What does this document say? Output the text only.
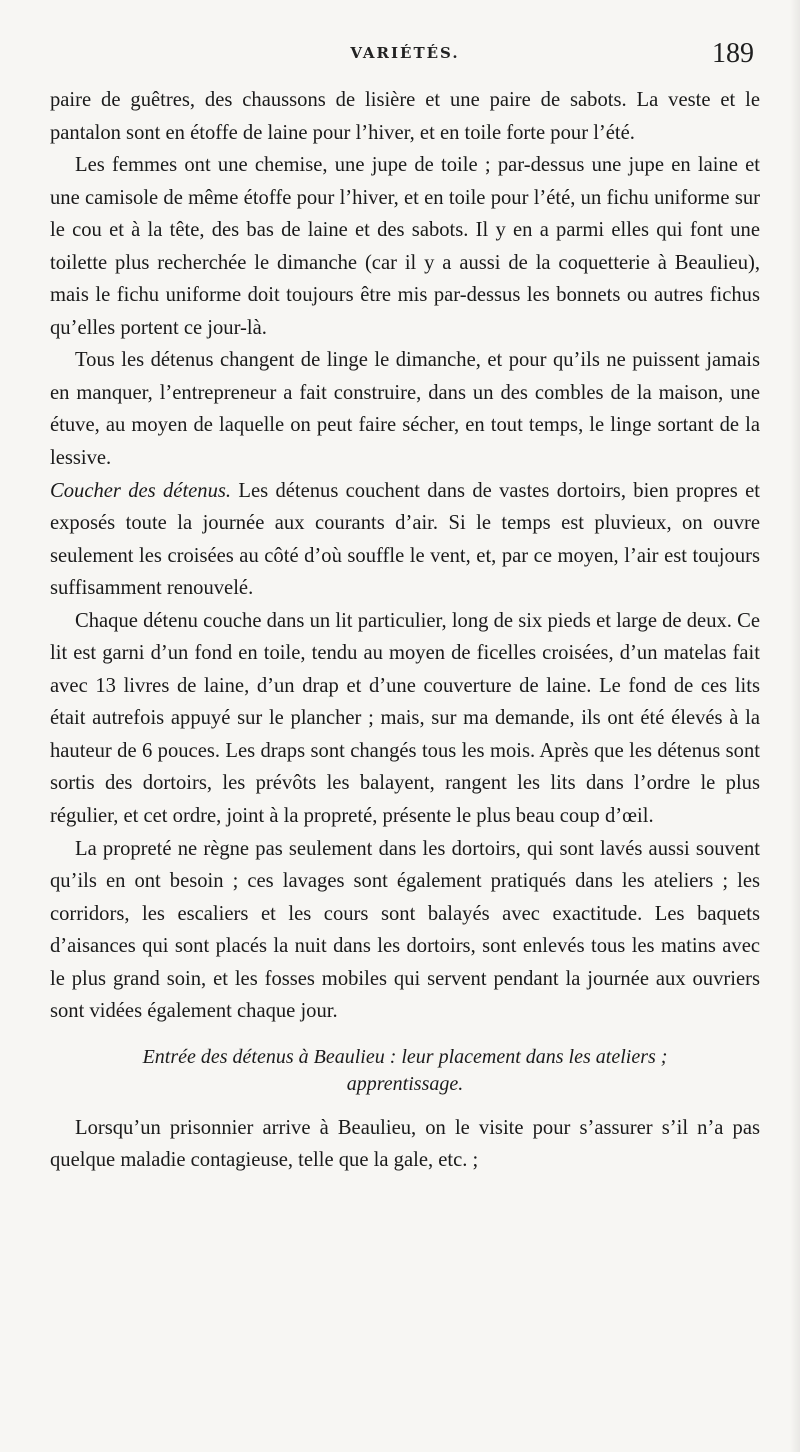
VARIÉTÉS.	189

paire de guêtres, des chaussons de lisière et une paire de sabots. La veste et le pantalon sont en étoffe de laine pour l’hiver, et en toile forte pour l’été.

Les femmes ont une chemise, une jupe de toile ; par-dessus une jupe en laine et une camisole de même étoffe pour l’hiver, et en toile pour l’été, un fichu uniforme sur le cou et à la tête, des bas de laine et des sabots. Il y en a parmi elles qui font une toilette plus recherchée le dimanche (car il y a aussi de la coquetterie à Beaulieu), mais le fichu uniforme doit toujours être mis par-dessus les bonnets ou autres fichus qu’elles portent ce jour-là.

Tous les détenus changent de linge le dimanche, et pour qu’ils ne puissent jamais en manquer, l’entrepreneur a fait construire, dans un des combles de la maison, une étuve, au moyen de laquelle on peut faire sécher, en tout temps, le linge sortant de la lessive.

Coucher des détenus. Les détenus couchent dans de vastes dortoirs, bien propres et exposés toute la journée aux courants d’air. Si le temps est pluvieux, on ouvre seulement les croisées au côté d’où souffle le vent, et, par ce moyen, l’air est toujours suffisamment renouvelé.

Chaque détenu couche dans un lit particulier, long de six pieds et large de deux. Ce lit est garni d’un fond en toile, tendu au moyen de ficelles croisées, d’un matelas fait avec 13 livres de laine, d’un drap et d’une couverture de laine. Le fond de ces lits était autrefois appuyé sur le plancher ; mais, sur ma demande, ils ont été élevés à la hauteur de 6 pouces. Les draps sont changés tous les mois. Après que les détenus sont sortis des dortoirs, les prévôts les balayent, rangent les lits dans l’ordre le plus régulier, et cet ordre, joint à la propreté, présente le plus beau coup d’œil.

La propreté ne règne pas seulement dans les dortoirs, qui sont lavés aussi souvent qu’ils en ont besoin ; ces lavages sont également pratiqués dans les ateliers ; les corridors, les escaliers et les cours sont balayés avec exactitude. Les baquets d’aisances qui sont placés la nuit dans les dortoirs, sont enlevés tous les matins avec le plus grand soin, et les fosses mobiles qui servent pendant la journée aux ouvriers sont vidées également chaque jour.

Entrée des détenus à Beaulieu : leur placement dans les ateliers ;
apprentissage.

Lorsqu’un prisonnier arrive à Beaulieu, on le visite pour s’assurer s’il n’a pas quelque maladie contagieuse, telle que la gale, etc. ;
